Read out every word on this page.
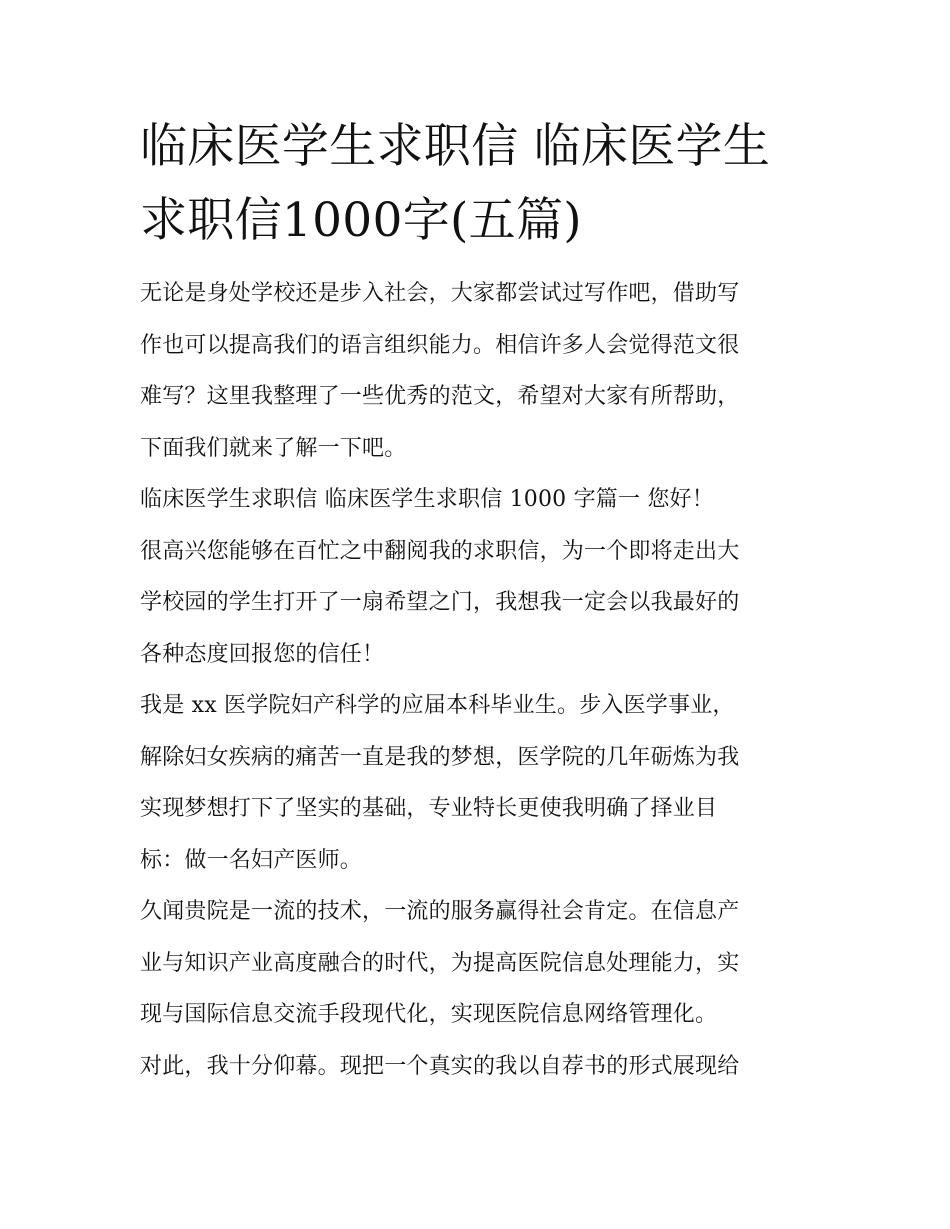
临床医学生求职信 临床医学生
求职信1000字(五篇)

无论是身处学校还是步入社会，大家都尝试过写作吧，借助写
作也可以提高我们的语言组织能力。相信许多人会觉得范文很
难写？这里我整理了一些优秀的范文，希望对大家有所帮助，
下面我们就来了解一下吧。

临床医学生求职信 临床医学生求职信 1000 字篇一 您好！

很高兴您能够在百忙之中翻阅我的求职信，为一个即将走出大
学校园的学生打开了一扇希望之门，我想我一定会以我最好的
各种态度回报您的信任！

我是 xx 医学院妇产科学的应届本科毕业生。步入医学事业，
解除妇女疾病的痛苦一直是我的梦想，医学院的几年砺炼为我
实现梦想打下了坚实的基础，专业特长更使我明确了择业目
标：做一名妇产医师。

久闻贵院是一流的技术，一流的服务赢得社会肯定。在信息产
业与知识产业高度融合的时代，为提高医院信息处理能力，实
现与国际信息交流手段现代化，实现医院信息网络管理化。

对此，我十分仰幕。现把一个真实的我以自荐书的形式展现给
